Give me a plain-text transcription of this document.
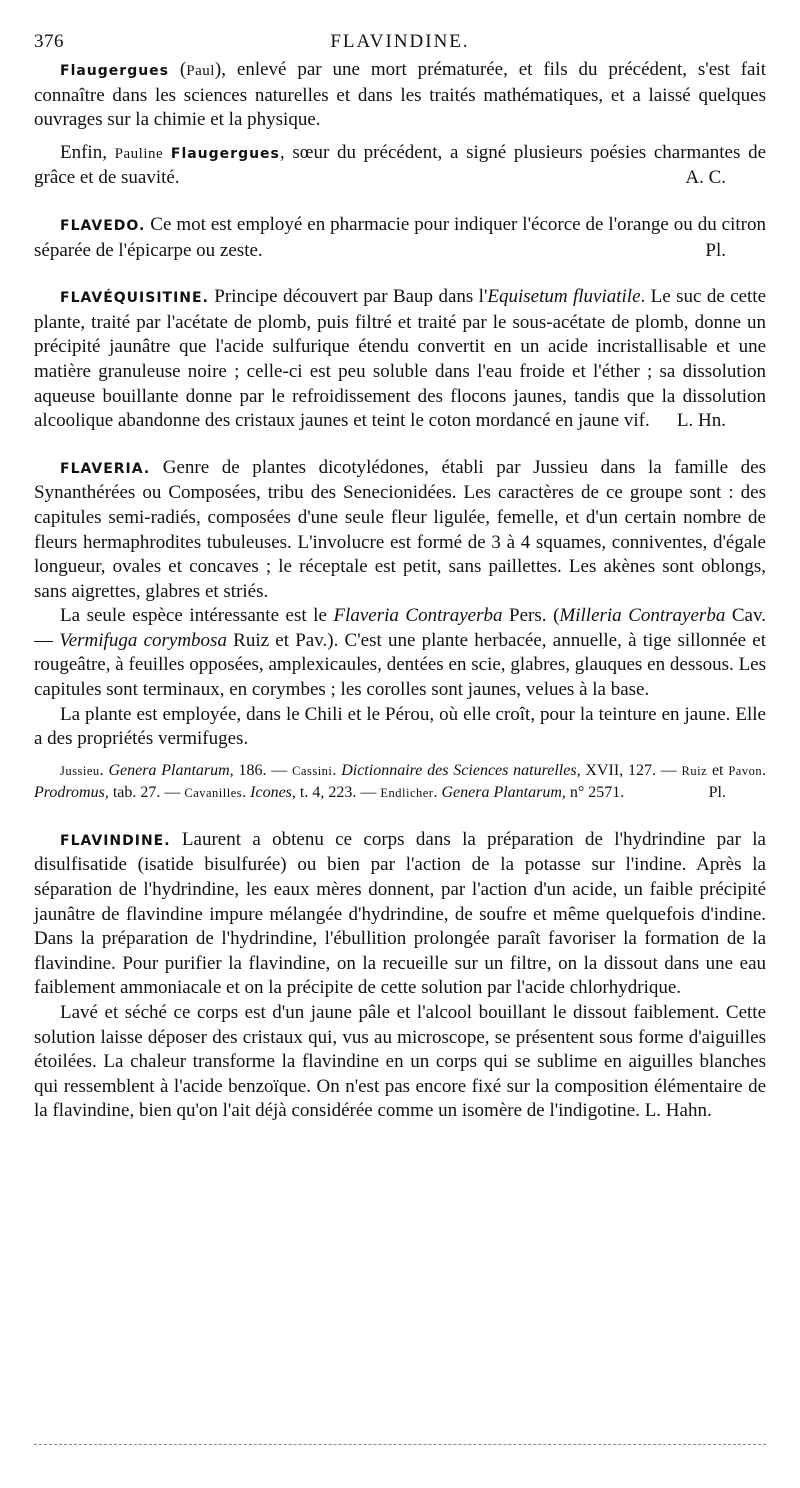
376	FLAVINDINE.

Flaugergues (Paul), enlevé par une mort prématurée, et fils du précédent, s'est fait connaître dans les sciences naturelles et dans les traités mathématiques, et a laissé quelques ouvrages sur la chimie et la physique.

Enfin, Pauline Flaugergues, sœur du précédent, a signé plusieurs poésies charmantes de grâce et de suavité.	A. C.

FLAVEDO. Ce mot est employé en pharmacie pour indiquer l'écorce de l'orange ou du citron séparée de l'épicarpe ou zeste.	Pl.

FLAVÉQUISITINE. Principe découvert par Baup dans l'Equisetum fluviatile. Le suc de cette plante, traité par l'acétate de plomb, puis filtré et traité par le sous-acétate de plomb, donne un précipité jaunâtre que l'acide sulfurique étendu convertit en un acide incristallisable et une matière granuleuse noire ; celle-ci est peu soluble dans l'eau froide et l'éther ; sa dissolution aqueuse bouillante donne par le refroidissement des flocons jaunes, tandis que la dissolution alcoolique abandonne des cristaux jaunes et teint le coton mordancé en jaune vif.	L. Hn.

FLAVERIA. Genre de plantes dicotylédones, établi par Jussieu dans la famille des Synanthérées ou Composées, tribu des Senecionidées. Les caractères de ce groupe sont : des capitules semi-radiés, composées d'une seule fleur ligulée, femelle, et d'un certain nombre de fleurs hermaphrodites tubuleuses. L'involucre est formé de 3 à 4 squames, conniventes, d'égale longueur, ovales et concaves ; le réceptale est petit, sans paillettes. Les akènes sont oblongs, sans aigrettes, glabres et striés.

La seule espèce intéressante est le Flaveria Contrayerba Pers. (Milleria Contrayerba Cav. — Vermifuga corymbosa Ruiz et Pav.). C'est une plante herbacée, annuelle, à tige sillonnée et rougeâtre, à feuilles opposées, amplexicaules, dentées en scie, glabres, glauques en dessous. Les capitules sont terminaux, en corymbes ; les corolles sont jaunes, velues à la base.

La plante est employée, dans le Chili et le Pérou, où elle croît, pour la teinture en jaune. Elle a des propriétés vermifuges.

Jussieu. Genera Plantarum, 186. — Cassini. Dictionnaire des Sciences naturelles, XVII, 127. — Ruiz et Pavon. Prodromus, tab. 27. — Cavanilles. Icones, t. 4, 223. — Endlicher. Genera Plantarum, n° 2571.	Pl.

FLAVINDINE. Laurent a obtenu ce corps dans la préparation de l'hydrindine par la disulfisatide (isatide bisulfurée) ou bien par l'action de la potasse sur l'indine. Après la séparation de l'hydrindine, les eaux mères donnent, par l'action d'un acide, un faible précipité jaunâtre de flavindine impure mélangée d'hydrindine, de soufre et même quelquefois d'indine. Dans la préparation de l'hydrindine, l'ébullition prolongée paraît favoriser la formation de la flavindine. Pour purifier la flavindine, on la recueille sur un filtre, on la dissout dans une eau faiblement ammoniacale et on la précipite de cette solution par l'acide chlorhydrique.

Lavé et séché ce corps est d'un jaune pâle et l'alcool bouillant le dissout faiblement. Cette solution laisse déposer des cristaux qui, vus au microscope, se présentent sous forme d'aiguilles étoilées. La chaleur transforme la flavindine en un corps qui se sublime en aiguilles blanches qui ressemblent à l'acide benzoïque. On n'est pas encore fixé sur la composition élémentaire de la flavindine, bien qu'on l'ait déjà considérée comme un isomère de l'indigotine. L. Hahn.
